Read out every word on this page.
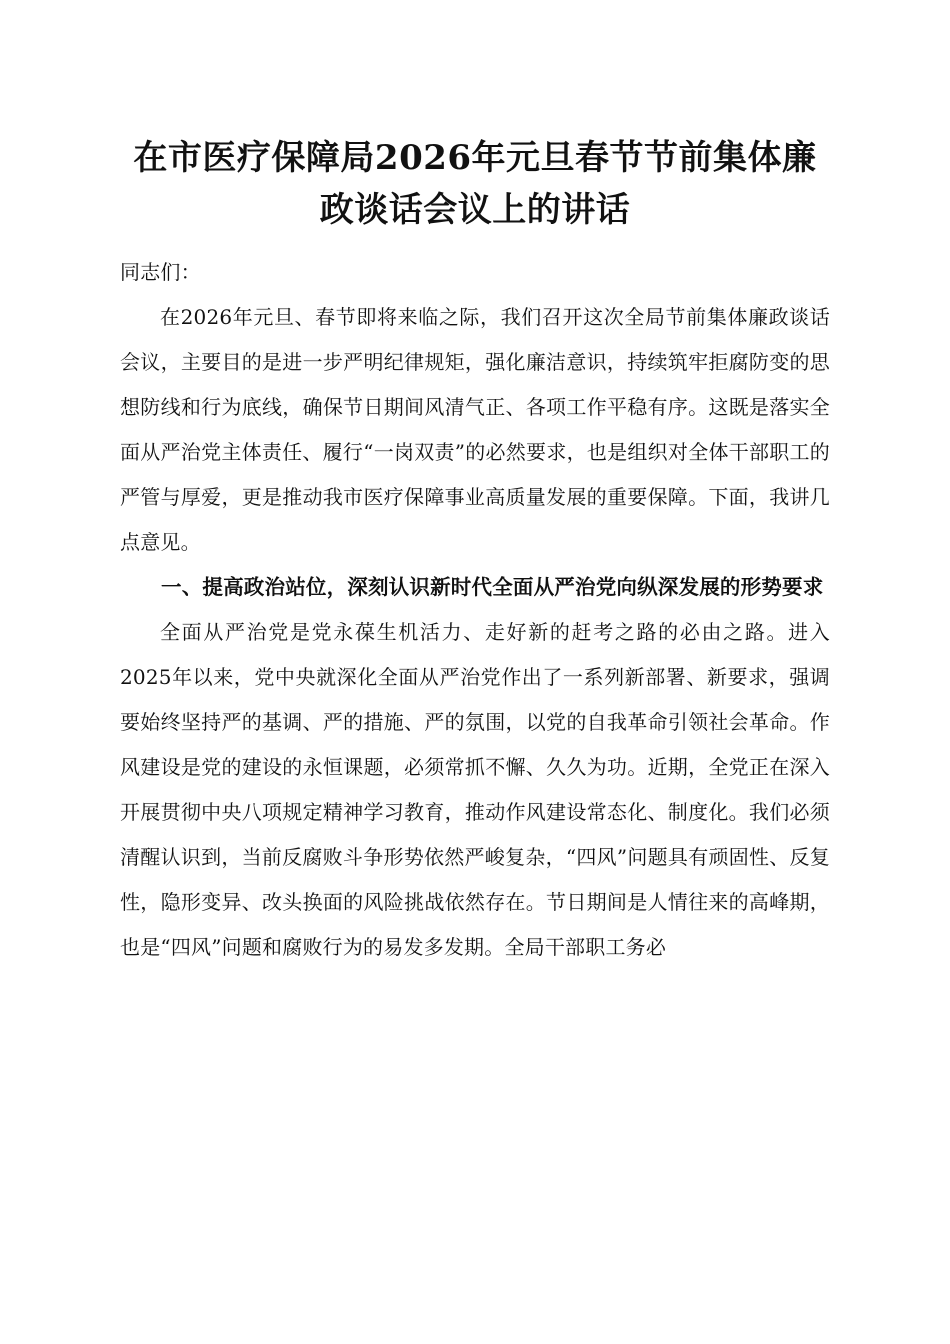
在市医疗保障局2026年元旦春节节前集体廉
政谈话会议上的讲话

同志们：

在2026年元旦、春节即将来临之际，我们召开这次全局节前集体廉政谈话会议，主要目的是进一步严明纪律规矩，强化廉洁意识，持续筑牢拒腐防变的思想防线和行为底线，确保节日期间风清气正、各项工作平稳有序。这既是落实全面从严治党主体责任、履行“一岗双责”的必然要求，也是组织对全体干部职工的严管与厚爱，更是推动我市医疗保障事业高质量发展的重要保障。下面，我讲几点意见。

一、提高政治站位，深刻认识新时代全面从严治党向纵深发展的形势要求

全面从严治党是党永葆生机活力、走好新的赶考之路的必由之路。进入2025年以来，党中央就深化全面从严治党作出了一系列新部署、新要求，强调要始终坚持严的基调、严的措施、严的氛围，以党的自我革命引领社会革命。作风建设是党的建设的永恒课题，必须常抓不懈、久久为功。近期，全党正在深入开展贯彻中央八项规定精神学习教育，推动作风建设常态化、制度化。我们必须清醒认识到，当前反腐败斗争形势依然严峻复杂，“四风”问题具有顽固性、反复性，隐形变异、改头换面的风险挑战依然存在。节日期间是人情往来的高峰期，也是“四风”问题和腐败行为的易发多发期。全局干部职工务必
